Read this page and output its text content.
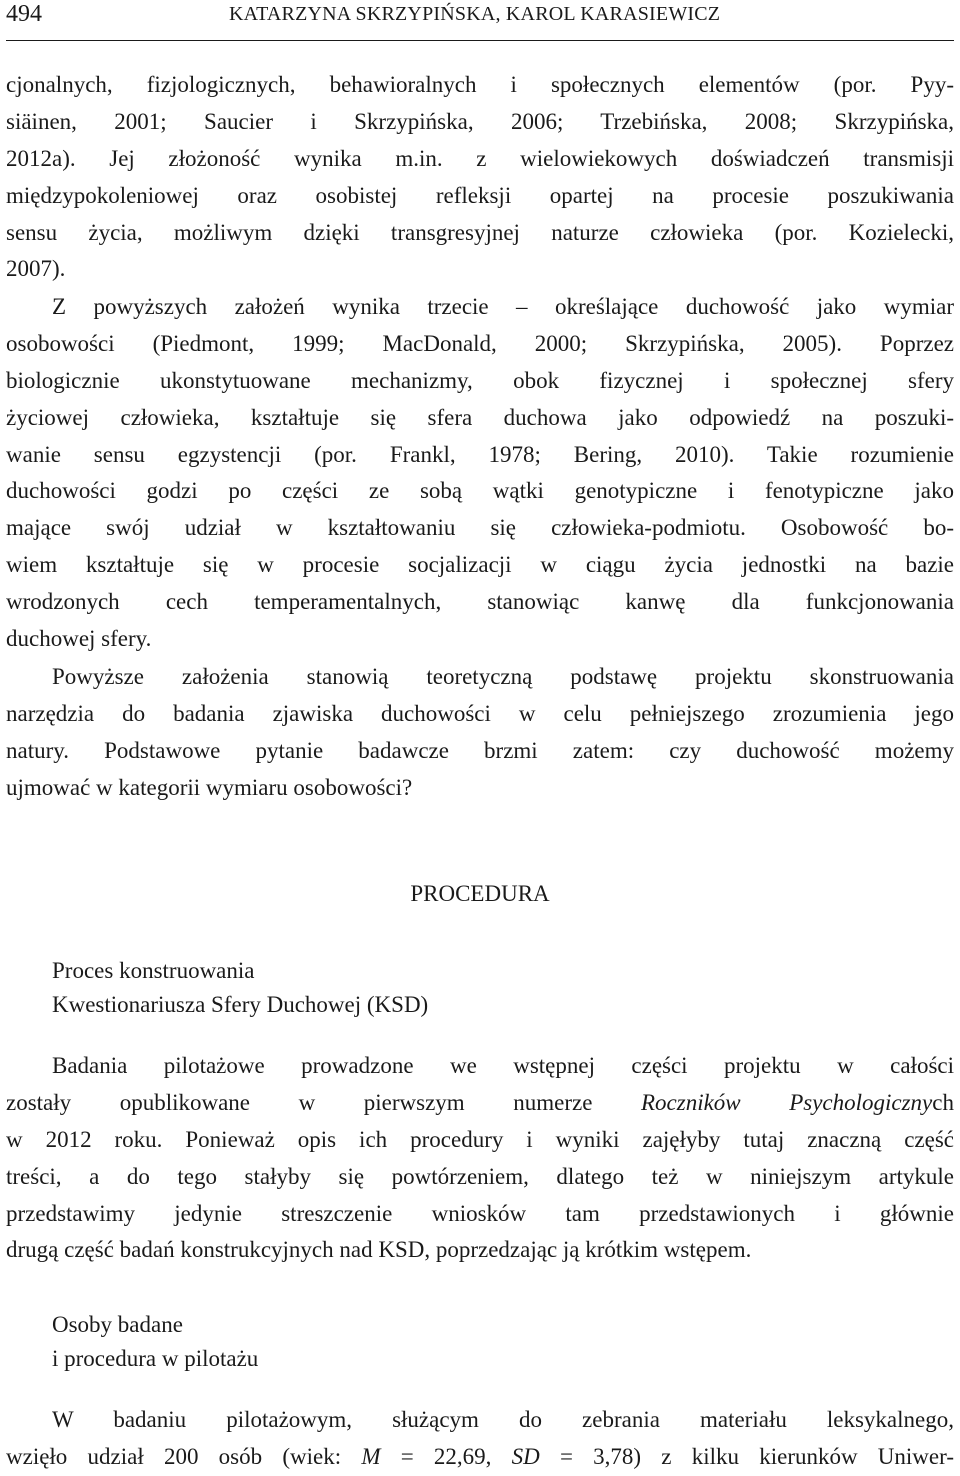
494	KATARZYNA SKRZYPIŃSKA, KAROL KARASIEWICZ
cjonalnych, fizjologicznych, behawioralnych i społecznych elementów (por. Pyy-
siäinen, 2001; Saucier i Skrzypińska, 2006; Trzebińska, 2008; Skrzypińska,
2012a). Jej złożoność wynika m.in. z wielowiekowych doświadczeń transmisji
międzypokoleniowej oraz osobistej refleksji opartej na procesie poszukiwania
sensu życia, możliwym dzięki transgresyjnej naturze człowieka (por. Kozielecki,
2007).
Z powyższych założeń wynika trzecie – określające duchowość jako wymiar
osobowości (Piedmont, 1999; MacDonald, 2000; Skrzypińska, 2005). Poprzez
biologicznie ukonstytuowane mechanizmy, obok fizycznej i społecznej sfery
życiowej człowieka, kształtuje się sfera duchowa jako odpowiedź na poszuki-
wanie sensu egzystencji (por. Frankl, 1978; Bering, 2010). Takie rozumienie
duchowości godzi po części ze sobą wątki genotypiczne i fenotypiczne jako
mające swój udział w kształtowaniu się człowieka-podmiotu. Osobowość bo-
wiem kształtuje się w procesie socjalizacji w ciągu życia jednostki na bazie
wrodzonych cech temperamentalnych, stanowiąc kanwę dla funkcjonowania
duchowej sfery.
Powyższe założenia stanowią teoretyczną podstawę projektu skonstruowania
narzędzia do badania zjawiska duchowości w celu pełniejszego zrozumienia jego
natury. Podstawowe pytanie badawcze brzmi zatem: czy duchowość możemy
ujmować w kategorii wymiaru osobowości?
PROCEDURA
Proces konstruowania
Kwestionariusza Sfery Duchowej (KSD)
Badania pilotażowe prowadzone we wstępnej części projektu w całości
zostały opublikowane w pierwszym numerze Roczników Psychologicznych
w 2012 roku. Ponieważ opis ich procedury i wyniki zajęłyby tutaj znaczną część
treści, a do tego stałyby się powtórzeniem, dlatego też w niniejszym artykule
przedstawimy jedynie streszczenie wniosków tam przedstawionych i głównie
drugą część badań konstrukcyjnych nad KSD, poprzedzając ją krótkim wstępem.
Osoby badane
i procedura w pilotażu
W badaniu pilotażowym, służącym do zebrania materiału leksykalnego,
wzięło udział 200 osób (wiek: M = 22,69, SD = 3,78) z kilku kierunków Uniwer-
